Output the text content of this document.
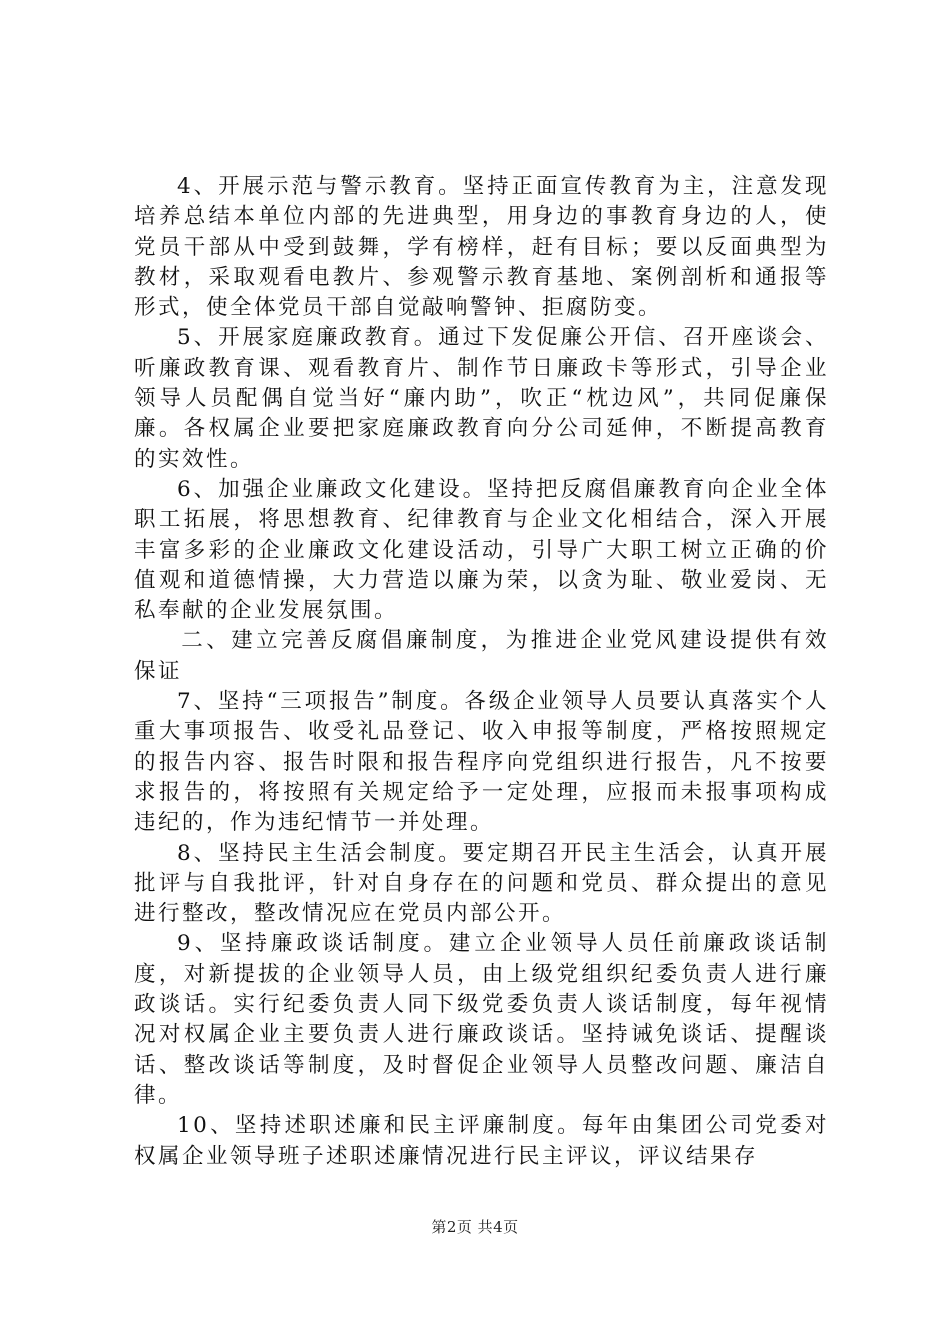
4、开展示范与警示教育。坚持正面宣传教育为主，注意发现培养总结本单位内部的先进典型，用身边的事教育身边的人，使党员干部从中受到鼓舞，学有榜样，赶有目标；要以反面典型为教材，采取观看电教片、参观警示教育基地、案例剖析和通报等形式，使全体党员干部自觉敲响警钟、拒腐防变。

5、开展家庭廉政教育。通过下发促廉公开信、召开座谈会、听廉政教育课、观看教育片、制作节日廉政卡等形式，引导企业领导人员配偶自觉当好“廉内助”，吹正“枕边风”，共同促廉保廉。各权属企业要把家庭廉政教育向分公司延伸，不断提高教育的实效性。

6、加强企业廉政文化建设。坚持把反腐倡廉教育向企业全体职工拓展，将思想教育、纪律教育与企业文化相结合，深入开展丰富多彩的企业廉政文化建设活动，引导广大职工树立正确的价值观和道德情操，大力营造以廉为荣，以贪为耻、敬业爱岗、无私奉献的企业发展氛围。

二、建立完善反腐倡廉制度，为推进企业党风建设提供有效保证

7、坚持“三项报告”制度。各级企业领导人员要认真落实个人重大事项报告、收受礼品登记、收入申报等制度，严格按照规定的报告内容、报告时限和报告程序向党组织进行报告，凡不按要求报告的，将按照有关规定给予一定处理，应报而未报事项构成违纪的，作为违纪情节一并处理。

8、坚持民主生活会制度。要定期召开民主生活会，认真开展批评与自我批评，针对自身存在的问题和党员、群众提出的意见进行整改，整改情况应在党员内部公开。

9、坚持廉政谈话制度。建立企业领导人员任前廉政谈话制度，对新提拔的企业领导人员，由上级党组织纪委负责人进行廉政谈话。实行纪委负责人同下级党委负责人谈话制度，每年视情况对权属企业主要负责人进行廉政谈话。坚持诫免谈话、提醒谈话、整改谈话等制度，及时督促企业领导人员整改问题、廉洁自律。

10、坚持述职述廉和民主评廉制度。每年由集团公司党委对权属企业领导班子述职述廉情况进行民主评议，评议结果存

第2页 共4页
